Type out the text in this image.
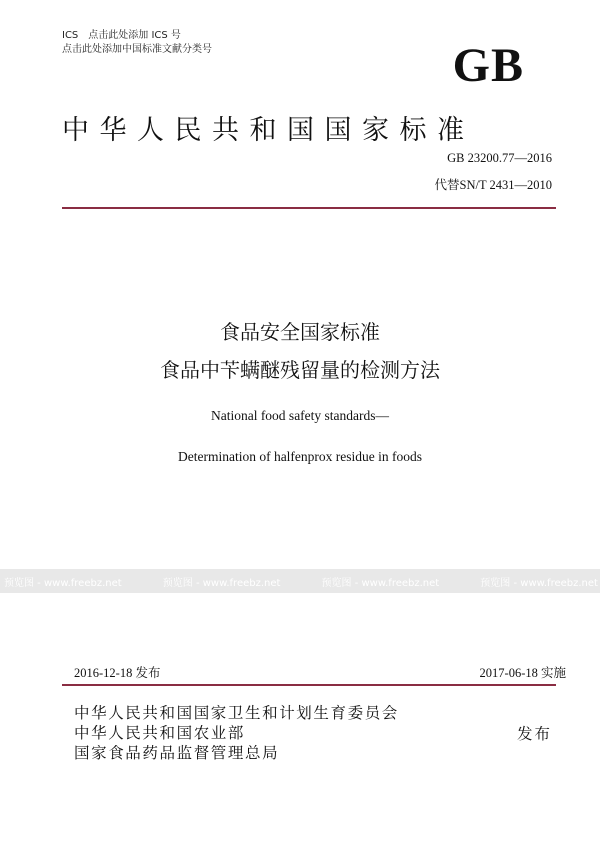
ICS　点击此处添加 ICS 号
点击此处添加中国标准文献分类号	GB
中华人民共和国国家标准
GB 23200.77—2016
代替SN/T 2431—2010
食品安全国家标准
食品中苄螨醚残留量的检测方法
National food safety standards—
Determination of halfenprox residue in foods
预览图 - www.freebz.net	预览图 - www.freebz.net	预览图 - www.freebz.net	预览图 - www.freebz.net
2016-12-18 发布	2017-06-18 实施
中华人民共和国国家卫生和计划生育委员会
中华人民共和国农业部
国家食品药品监督管理总局
发布
